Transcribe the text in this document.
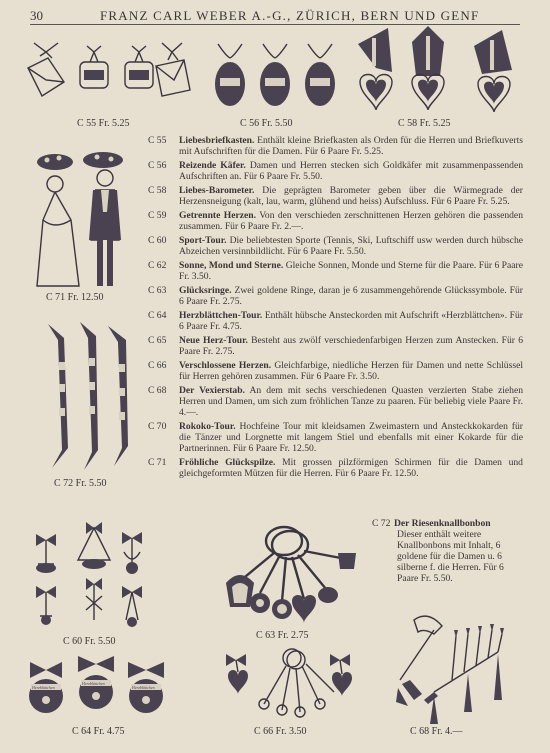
30	FRANZ CARL WEBER A.-G., ZÜRICH, BERN UND GENF
C 55 Fr. 5.25	C 56 Fr. 5.50	C 58 Fr. 5.25
C 71 Fr. 12.50
C 72 Fr. 5.50
C 55 Liebesbriefkasten. Enthält kleine Briefkasten als Orden für die Herren und Briefkuverts mit Aufschriften für die Damen. Für 6 Paare Fr. 5.25.
C 56 Reizende Käfer. Damen und Herren stecken sich Goldkäfer mit zusammenpassenden Aufschriften an. Für 6 Paare Fr. 5.50.
C 58 Liebes-Barometer. Die geprägten Barometer geben über die Wärmegrade der Herzensneigung (kalt, lau, warm, glühend und heiss) Aufschluss. Für 6 Paare Fr. 5.25.
C 59 Getrennte Herzen. Von den verschieden zerschnittenen Herzen gehören die passenden zusammen. Für 6 Paare Fr. 2.—.
C 60 Sport-Tour. Die beliebtesten Sporte (Tennis, Ski, Luftschiff usw werden durch hübsche Abzeichen versinnbildlicht. Für 6 Paare Fr. 5.50.
C 62 Sonne, Mond und Sterne. Gleiche Sonnen, Monde und Sterne für die Paare. Für 6 Paare Fr. 3.50.
C 63 Glücksringe. Zwei goldene Ringe, daran je 6 zusammengehörende Glückssymbole. Für 6 Paare Fr. 2.75.
C 64 Herzblättchen-Tour. Enthält hübsche Ansteckorden mit Aufschrift «Herzblättchen». Für 6 Paare Fr. 4.75.
C 65 Neue Herz-Tour. Besteht aus zwölf verschiedenfarbigen Herzen zum Anstecken. Für 6 Paare Fr. 2.75.
C 66 Verschlossene Herzen. Gleichfarbige, niedliche Herzen für Damen und nette Schlüssel für Herren gehören zusammen. Für 6 Paare Fr. 3.50.
C 68 Der Vexierstab. An dem mit sechs verschiedenen Quasten verzierten Stabe ziehen Herren und Damen, um sich zum fröhlichen Tanze zu paaren. Für beliebig viele Paare Fr. 4.—.
C 70 Rokoko-Tour. Hochfeine Tour mit kleidsamen Zweimastern und Ansteckkokarden für die Tänzer und Lorgnette mit langem Stiel und ebenfalls mit einer Kokarde für die Partnerinnen. Für 6 Paare Fr. 12.50.
C 71 Fröhliche Glückspilze. Mit grossen pilzförmigen Schirmen für die Damen und gleichgeformten Mützen für die Herren. Für 6 Paare Fr. 12.50.
C 60 Fr. 5.50
C 63 Fr. 2.75
C 72 Der Riesenknallbonbon
Dieser enthält weitere Knallbonbons mit Inhalt, 6 goldene für die Damen u. 6 silberne f. die Herren. Für 6 Paare Fr. 5.50.
Herzblättchen
Herzblättchen
Herzblättchen
C 64 Fr. 4.75	C 66 Fr. 3.50	C 68 Fr. 4.—
